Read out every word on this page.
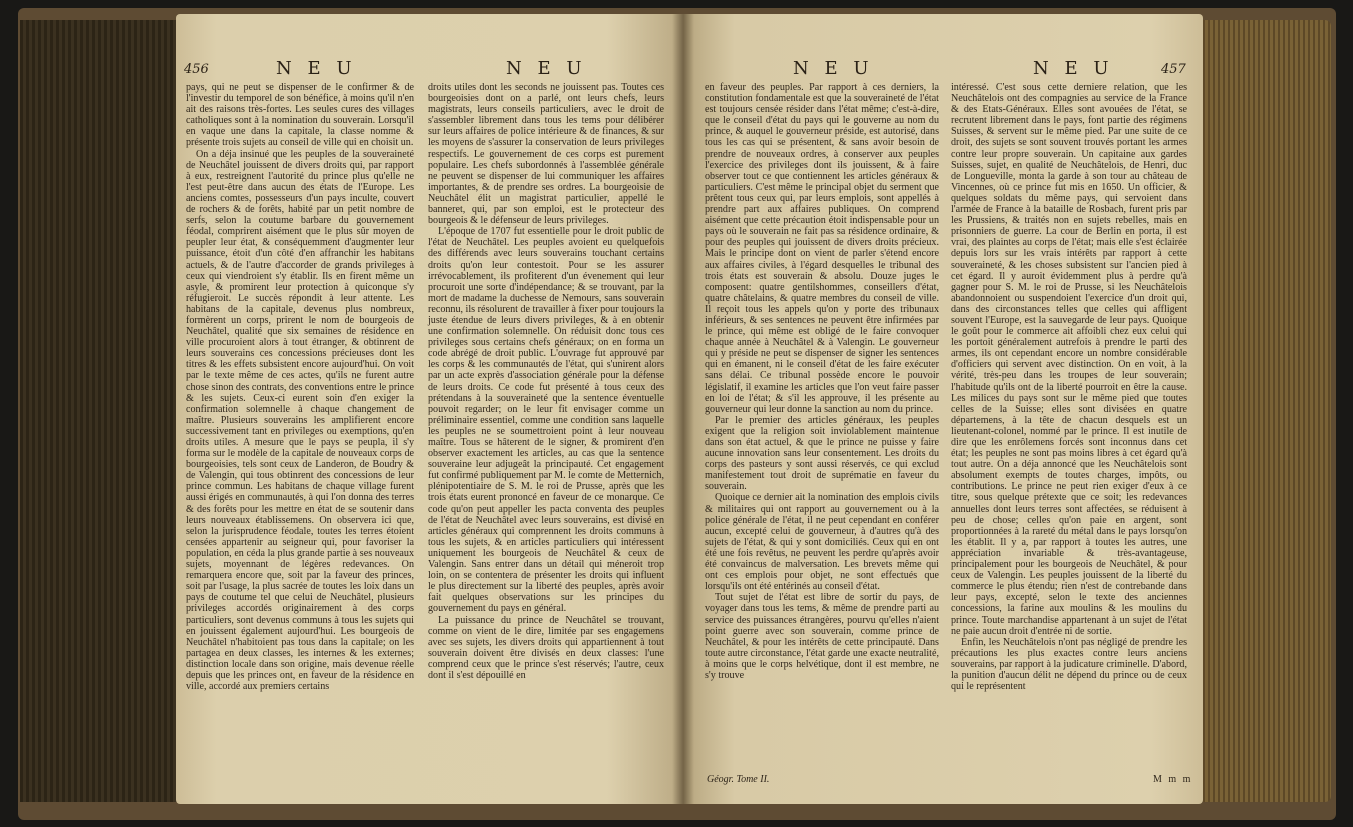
456	N E U	N E U

pays, qui ne peut se dispenser de le confirmer & de l'investir du temporel de son bénéfice, à moins qu'il n'en ait des raisons très-fortes. Les seules cures des villages catholiques sont à la nomination du souverain. Lorsqu'il en vaque une dans la capitale, la classe nomme & présente trois sujets au conseil de ville qui en choisit un.

On a déja insinué que les peuples de la souveraineté de Neuchâtel jouissent de divers droits qui, par rapport à eux, restreignent l'autorité du prince plus qu'elle ne l'est peut-être dans aucun des états de l'Europe. Les anciens comtes, possesseurs d'un pays inculte, couvert de rochers & de forêts, habité par un petit nombre de serfs, selon la coutume barbare du gouvernement féodal, comprirent aisément que le plus sûr moyen de peupler leur état, & conséquemment d'augmenter leur puissance, étoit d'un côté d'en affranchir les habitans actuels, & de l'autre d'accorder de grands privileges à ceux qui viendroient s'y établir. Ils en firent même un asyle, & promirent leur protection à quiconque s'y réfugieroit. Le succès répondit à leur attente. Les habitans de la capitale, devenus plus nombreux, formèrent un corps, prirent le nom de bourgeois de Neuchâtel, qualité que six semaines de résidence en ville procuroient alors à tout étranger, & obtinrent de leurs souverains ces concessions précieuses dont les titres & les effets subsistent encore aujourd'hui. On voit par le texte même de ces actes, qu'ils ne furent autre chose sinon des contrats, des conventions entre le prince & les sujets. Ceux-ci eurent soin d'en exiger la confirmation solemnelle à chaque changement de maître. Plusieurs souverains les amplifierent encore successivement tant en privileges ou exemptions, qu'en droits utiles. A mesure que le pays se peupla, il s'y forma sur le modèle de la capitale de nouveaux corps de bourgeoisies, tels sont ceux de Landeron, de Boudry & de Valengin, qui tous obtinrent des concessions de leur prince commun. Les habitans de chaque village furent aussi érigés en communautés, à qui l'on donna des terres & des forêts pour les mettre en état de se soutenir dans leurs nouveaux établissemens. On observera ici que, selon la jurisprudence féodale, toutes les terres étoient censées appartenir au seigneur qui, pour favoriser la population, en céda la plus grande partie à ses nouveaux sujets, moyennant de légères redevances. On remarquera encore que, soit par la faveur des princes, soit par l'usage, la plus sacrée de toutes les loix dans un pays de coutume tel que celui de Neuchâtel, plusieurs privileges accordés originairement à des corps particuliers, sont devenus communs à tous les sujets qui en jouissent également aujourd'hui. Les bourgeois de Neuchâtel n'habitoient pas tous dans la capitale; on les partagea en deux classes, les internes & les externes; distinction locale dans son origine, mais devenue réelle depuis que les princes ont, en faveur de la résidence en ville, accordé aux premiers certains

droits utiles dont les seconds ne jouissent pas. Toutes ces bourgeoisies dont on a parlé, ont leurs chefs, leurs magistrats, leurs conseils particuliers, avec le droit de s'assembler librement dans tous les tems pour délibérer sur leurs affaires de police intérieure & de finances, & sur les moyens de s'assurer la conservation de leurs privileges respectifs. Le gouvernement de ces corps est purement populaire. Les chefs subordonnés à l'assemblée générale ne peuvent se dispenser de lui communiquer les affaires importantes, & de prendre ses ordres. La bourgeoisie de Neuchâtel élit un magistrat particulier, appellé le banneret, qui, par son emploi, est le protecteur des bourgeois & le défenseur de leurs privileges.

L'époque de 1707 fut essentielle pour le droit public de l'état de Neuchâtel. Les peuples avoient eu quelquefois des différends avec leurs souverains touchant certains droits qu'on leur contestoit. Pour se les assurer irrévocablement, ils profiterent d'un évenement qui leur procuroit une sorte d'indépendance; & se trouvant, par la mort de madame la duchesse de Nemours, sans souverain reconnu, ils résolurent de travailler à fixer pour toujours la juste étendue de leurs divers privileges, & à en obtenir une confirmation solemnelle. On réduisit donc tous ces privileges sous certains chefs généraux; on en forma un code abrégé de droit public. L'ouvrage fut approuvé par les corps & les communautés de l'état, qui s'unirent alors par un acte exprès d'association générale pour la défense de leurs droits. Ce code fut présenté à tous ceux des prétendans à la souveraineté que la sentence éventuelle pouvoit regarder; on le leur fit envisager comme un préliminaire essentiel, comme une condition sans laquelle les peuples ne se soumettroient point à leur nouveau maître. Tous se hâterent de le signer, & promirent d'en observer exactement les articles, au cas que la sentence souveraine leur adjugeât la principauté. Cet engagement fut confirmé publiquement par M. le comte de Metternich, plénipotentiaire de S. M. le roi de Prusse, après que les trois états eurent prononcé en faveur de ce monarque. Ce code qu'on peut appeller les pacta conventa des peuples de l'état de Neuchâtel avec leurs souverains, est divisé en articles généraux qui comprennent les droits communs à tous les sujets, & en articles particuliers qui intéressent uniquement les bourgeois de Neuchâtel & ceux de Valengin. Sans entrer dans un détail qui méneroit trop loin, on se contentera de présenter les droits qui influent le plus directement sur la liberté des peuples, après avoir fait quelques observations sur les principes du gouvernement du pays en général.

La puissance du prince de Neuchâtel se trouvant, comme on vient de le dire, limitée par ses engagemens avec ses sujets, les divers droits qui appartiennent à tout souverain doivent être divisés en deux classes: l'une comprend ceux que le prince s'est réservés; l'autre, ceux dont il s'est dépouillé en

N E U	N E U	457

en faveur des peuples. Par rapport à ces derniers, la constitution fondamentale est que la souveraineté de l'état est toujours censée résider dans l'état même; c'est-à-dire, que le conseil d'état du pays qui le gouverne au nom du prince, & auquel le gouverneur préside, est autorisé, dans tous les cas qui se présentent, & sans avoir besoin de prendre de nouveaux ordres, à conserver aux peuples l'exercice des privileges dont ils jouissent, & à faire observer tout ce que contiennent les articles généraux & particuliers. C'est même le principal objet du serment que prêtent tous ceux qui, par leurs emplois, sont appellés à prendre part aux affaires publiques. On comprend aisément que cette précaution étoit indispensable pour un pays où le souverain ne fait pas sa résidence ordinaire, & pour des peuples qui jouissent de divers droits précieux. Mais le principe dont on vient de parler s'étend encore aux affaires civiles, à l'égard desquelles le tribunal des trois états est souverain & absolu. Douze juges le composent: quatre gentilshommes, conseillers d'état, quatre châtelains, & quatre membres du conseil de ville. Il reçoit tous les appels qu'on y porte des tribunaux inférieurs, & ses sentences ne peuvent être infirmées par le prince, qui même est obligé de le faire convoquer chaque année à Neuchâtel & à Valengin. Le gouverneur qui y préside ne peut se dispenser de signer les sentences qui en émanent, ni le conseil d'état de les faire exécuter sans délai. Ce tribunal possède encore le pouvoir législatif, il examine les articles que l'on veut faire passer en loi de l'état; & s'il les approuve, il les présente au gouverneur qui leur donne la sanction au nom du prince.

Par le premier des articles généraux, les peuples exigent que la religion soit inviolablement maintenue dans son état actuel, & que le prince ne puisse y faire aucune innovation sans leur consentement. Les droits du corps des pasteurs y sont aussi réservés, ce qui exclud manifestement tout droit de suprématie en faveur du souverain.

Quoique ce dernier ait la nomination des emplois civils & militaires qui ont rapport au gouvernement ou à la police générale de l'état, il ne peut cependant en conférer aucun, excepté celui de gouverneur, à d'autres qu'à des sujets de l'état, & qui y sont domiciliés. Ceux qui en ont été une fois revêtus, ne peuvent les perdre qu'après avoir été convaincus de malversation. Les brevets même qui ont ces emplois pour objet, ne sont effectués que lorsqu'ils ont été entérinés au conseil d'état.

Tout sujet de l'état est libre de sortir du pays, de voyager dans tous les tems, & même de prendre parti au service des puissances étrangères, pourvu qu'elles n'aient point guerre avec son souverain, comme prince de Neuchâtel, & pour les intérêts de cette principauté. Dans toute autre circonstance, l'état garde une exacte neutralité, à moins que le corps helvétique, dont il est membre, ne s'y trouve

intéressé. C'est sous cette derniere relation, que les Neuchâtelois ont des compagnies au service de la France & des Etats-Généraux. Elles sont avouées de l'état, se recrutent librement dans le pays, font partie des régimens Suisses, & servent sur le même pied. Par une suite de ce droit, des sujets se sont souvent trouvés portant les armes contre leur propre souverain. Un capitaine aux gardes Suisses, sujet, en qualité de Neuchâtelois, de Henri, duc de Longueville, monta la garde à son tour au château de Vincennes, où ce prince fut mis en 1650. Un officier, & quelques soldats du même pays, qui servoient dans l'armée de France à la bataille de Rosbach, furent pris par les Prussiens, & traités non en sujets rebelles, mais en prisonniers de guerre. La cour de Berlin en porta, il est vrai, des plaintes au corps de l'état; mais elle s'est éclairée depuis lors sur les vrais intérêts par rapport à cette souveraineté, & les choses subsistent sur l'ancien pied à cet égard. Il y auroit évidemment plus à perdre qu'à gagner pour S. M. le roi de Prusse, si les Neuchâtelois abandonnoient ou suspendoient l'exercice d'un droit qui, dans des circonstances telles que celles qui affligent souvent l'Europe, est la sauvegarde de leur pays. Quoique le goût pour le commerce ait affoibli chez eux celui qui les portoit généralement autrefois à prendre le parti des armes, ils ont cependant encore un nombre considérable d'officiers qui servent avec distinction. On en voit, à la vérité, très-peu dans les troupes de leur souverain; l'habitude qu'ils ont de la liberté pourroit en être la cause. Les milices du pays sont sur le même pied que toutes celles de la Suisse; elles sont divisées en quatre départemens, à la tête de chacun desquels est un lieutenant-colonel, nommé par le prince. Il est inutile de dire que les enrôlemens forcés sont inconnus dans cet état; les peuples ne sont pas moins libres à cet égard qu'à tout autre. On a déja annoncé que les Neuchâtelois sont absolument exempts de toutes charges, impôts, ou contributions. Le prince ne peut rien exiger d'eux à ce titre, sous quelque prétexte que ce soit; les redevances annuelles dont leurs terres sont affectées, se réduisent à peu de chose; celles qu'on paie en argent, sont proportionnées à la rareté du métal dans le pays lorsqu'on les établit. Il y a, par rapport à toutes les autres, une appréciation invariable & très-avantageuse, principalement pour les bourgeois de Neuchâtel, & pour ceux de Valengin. Les peuples jouissent de la liberté du commerce le plus étendu; rien n'est de contrebande dans leur pays, excepté, selon le texte des anciennes concessions, la farine aux moulins & les moulins du prince. Toute marchandise appartenant à un sujet de l'état ne paie aucun droit d'entrée ni de sortie.

Enfin, les Neuchâtelois n'ont pas négligé de prendre les précautions les plus exactes contre leurs anciens souverains, par rapport à la judicature criminelle. D'abord, la punition d'aucun délit ne dépend du prince ou de ceux qui le représentent

Géogr. Tome II.	M m m
